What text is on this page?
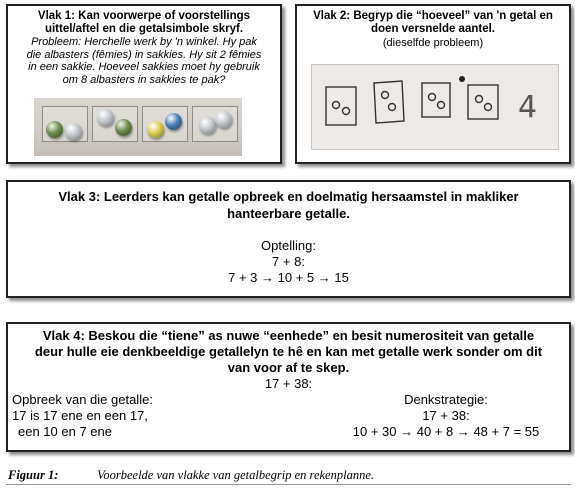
Vlak 1: Kan voorwerpe of voorstellings
uittel/aftel en die getalsimbole skryf.
Probleem: Herchelle werk by 'n winkel. Hy pak
die albasters (fêmies) in sakkies. Hy sit 2 fêmies
in een sakkie. Hoeveel sakkies moet hy gebruik
om 8 albasters in sakkies te pak?
Vlak 2: Begryp die “hoeveel” van 'n getal en
doen versnelde aantel.
(dieselfde probleem)
4
Vlak 3: Leerders kan getalle opbreek en doelmatig hersaamstel in makliker
hanteerbare getalle.
Optelling:
7 + 8:
7 + 3 → 10 + 5 → 15
Vlak 4: Beskou die “tiene” as nuwe “eenhede” en besit numerositeit van getalle
deur hulle eie denkbeeldige getallelyn te hê en kan met getalle werk sonder om dit
van voor af te skep.
17 + 38:
Opbreek van die getalle:
17 is 17 ene en een 17,
een 10 en 7 ene
Denkstrategie:
17 + 38:
10 + 30 → 40 + 8 → 48 + 7 = 55
Figuur 1:	Voorbeelde van vlakke van getalbegrip en rekenplanne.
